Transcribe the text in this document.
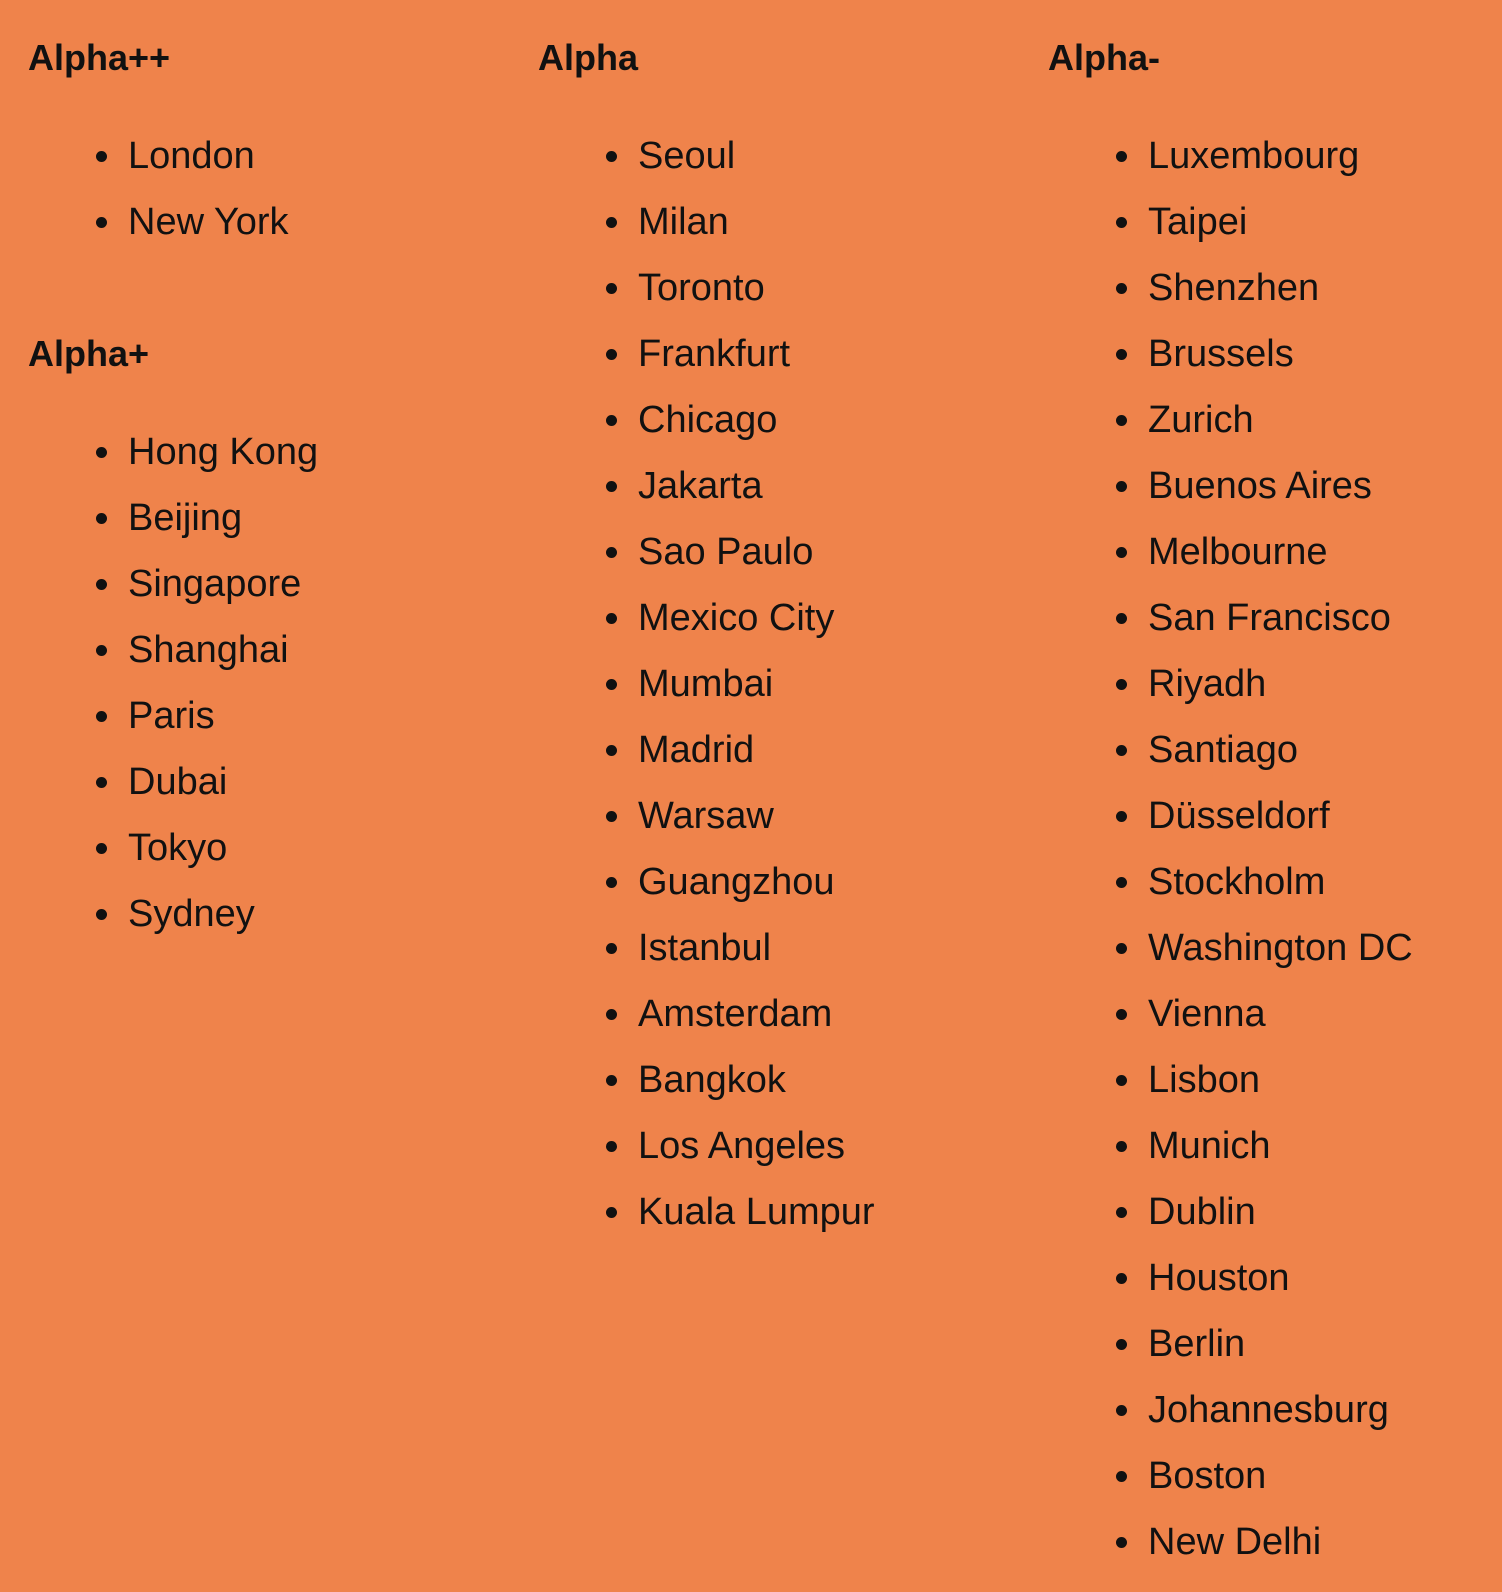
Alpha++
London
New York
Alpha+
Hong Kong
Beijing
Singapore
Shanghai
Paris
Dubai
Tokyo
Sydney
Alpha
Seoul
Milan
Toronto
Frankfurt
Chicago
Jakarta
Sao Paulo
Mexico City
Mumbai
Madrid
Warsaw
Guangzhou
Istanbul
Amsterdam
Bangkok
Los Angeles
Kuala Lumpur
Alpha-
Luxembourg
Taipei
Shenzhen
Brussels
Zurich
Buenos Aires
Melbourne
San Francisco
Riyadh
Santiago
Düsseldorf
Stockholm
Washington DC
Vienna
Lisbon
Munich
Dublin
Houston
Berlin
Johannesburg
Boston
New Delhi
